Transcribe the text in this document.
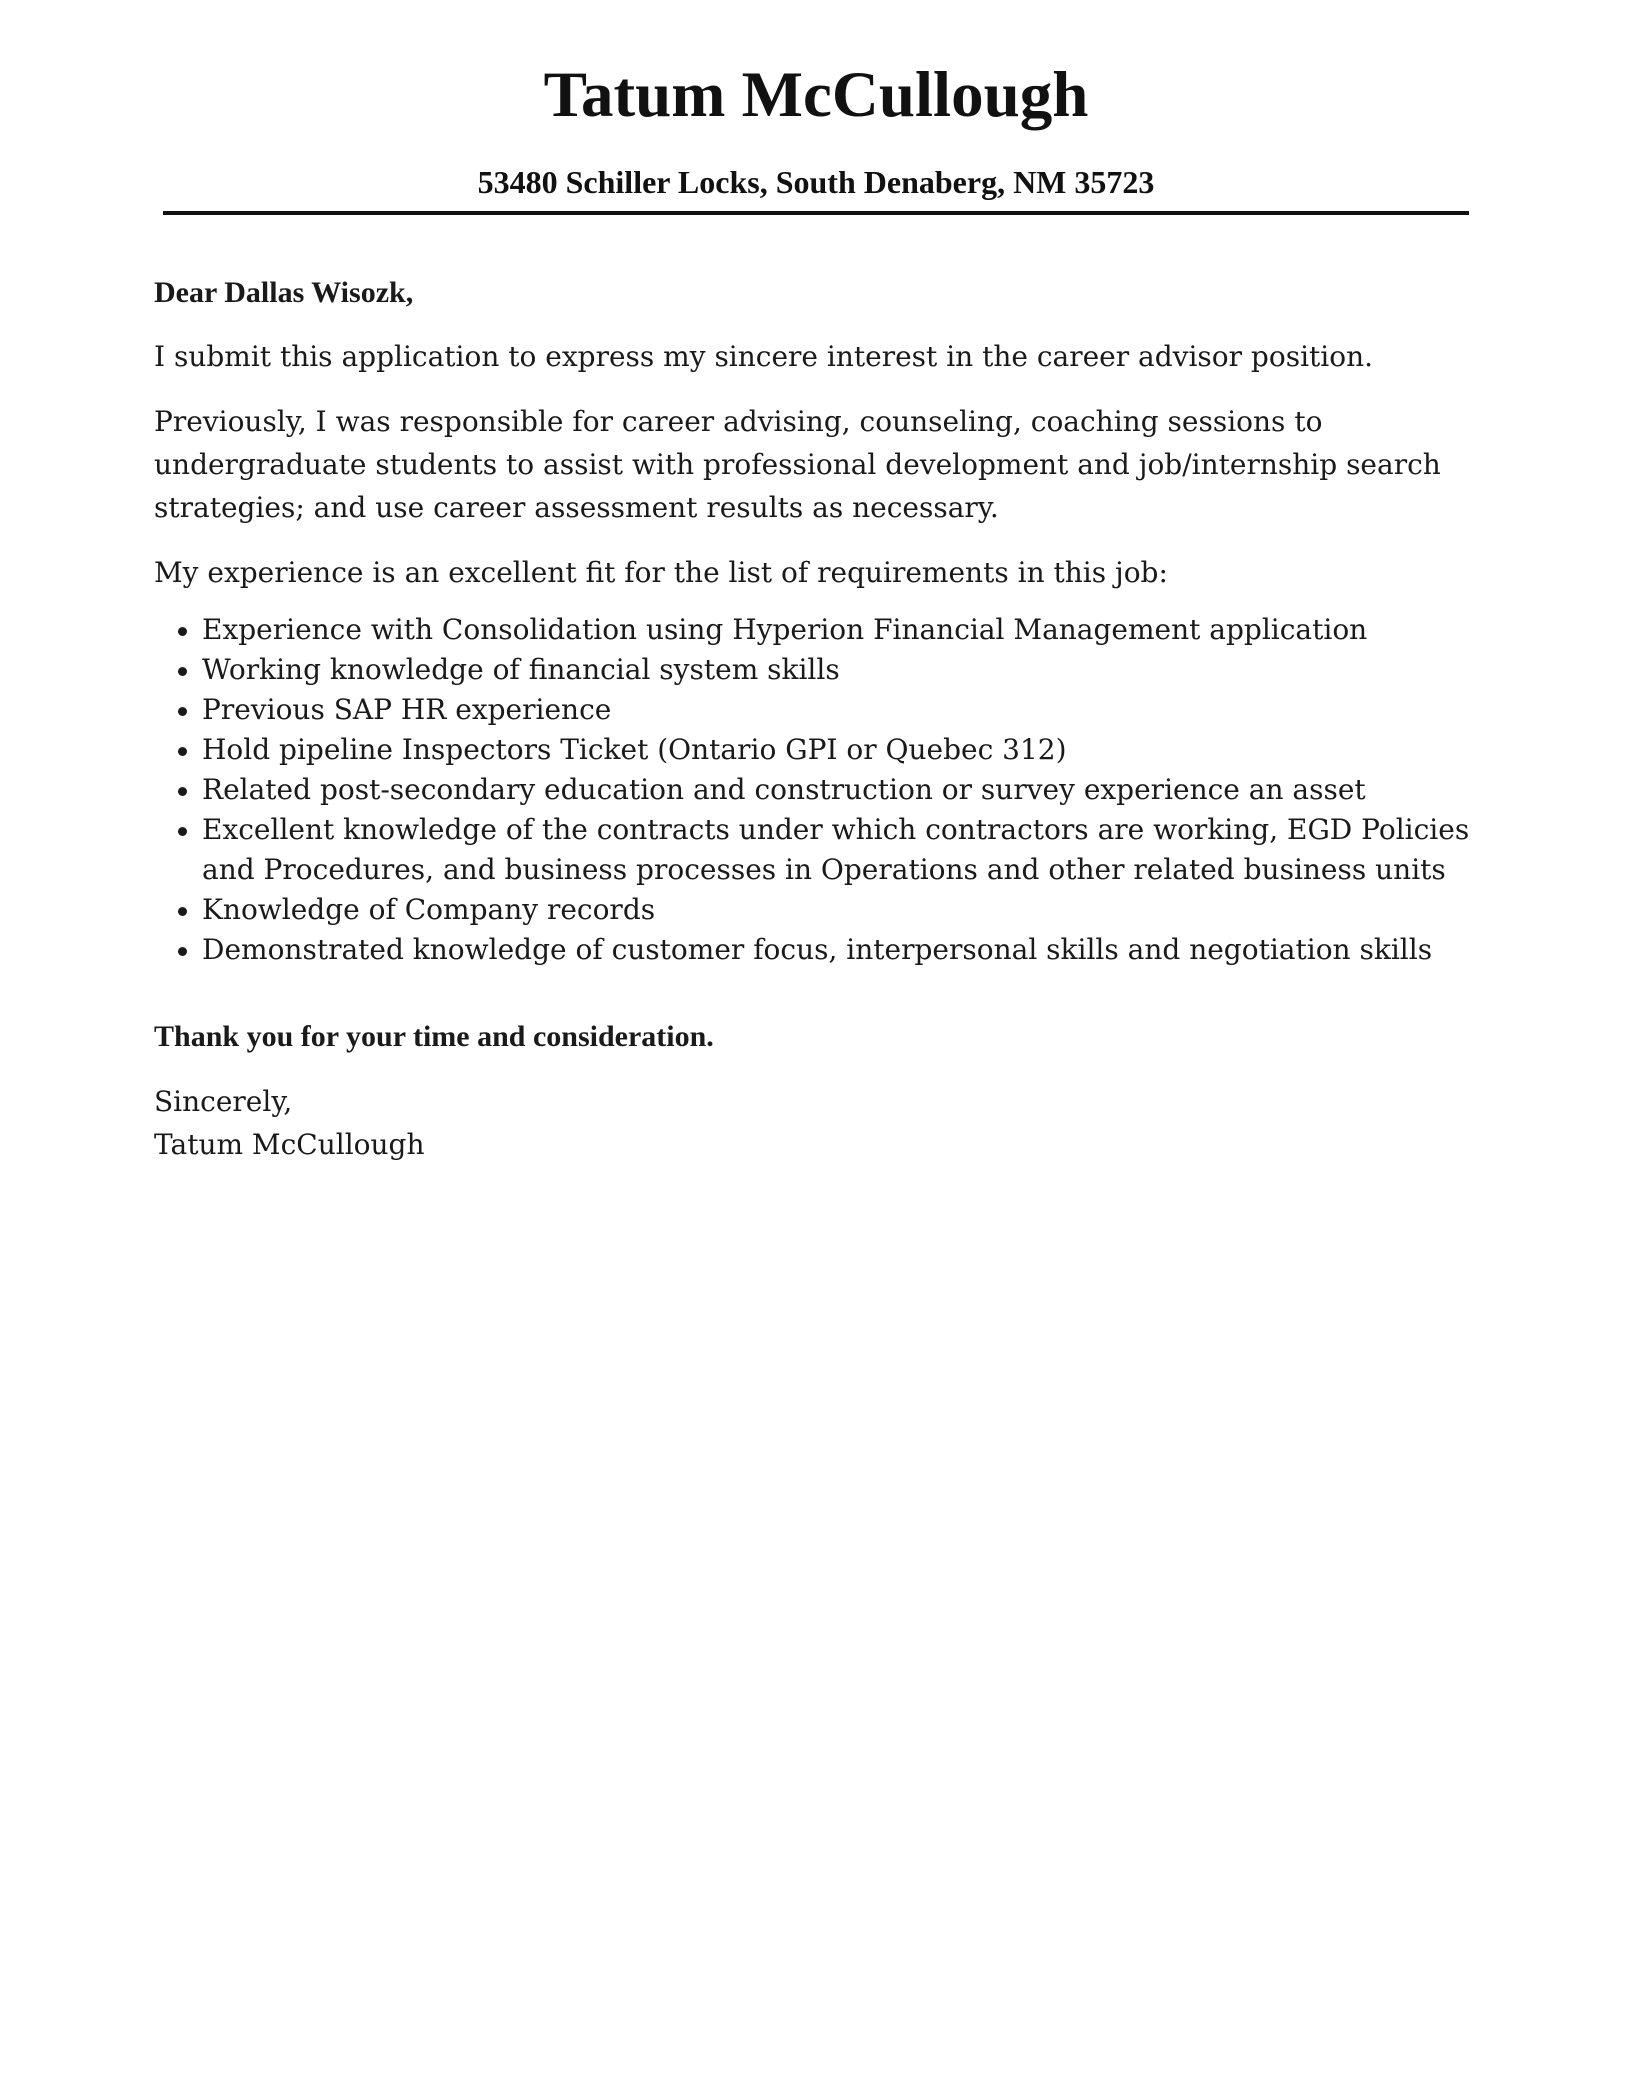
Tatum McCullough
53480 Schiller Locks, South Denaberg, NM 35723

Dear Dallas Wisozk,

I submit this application to express my sincere interest in the career advisor position.

Previously, I was responsible for career advising, counseling, coaching sessions to undergraduate students to assist with professional development and job/internship search strategies; and use career assessment results as necessary.

My experience is an excellent fit for the list of requirements in this job:

Experience with Consolidation using Hyperion Financial Management application
Working knowledge of financial system skills
Previous SAP HR experience
Hold pipeline Inspectors Ticket (Ontario GPI or Quebec 312)
Related post-secondary education and construction or survey experience an asset
Excellent knowledge of the contracts under which contractors are working, EGD Policies and Procedures, and business processes in Operations and other related business units
Knowledge of Company records
Demonstrated knowledge of customer focus, interpersonal skills and negotiation skills

Thank you for your time and consideration.

Sincerely,

Tatum McCullough
